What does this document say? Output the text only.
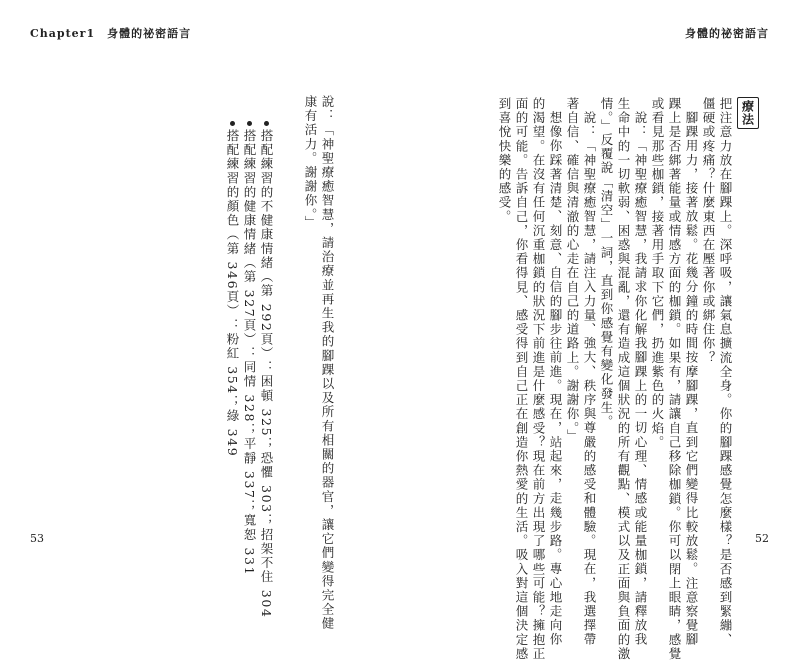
Chapter1　身體的祕密語言
53	說：「神聖療癒智慧，請治療並再生我的腳踝以及所有相關的器官，讓它們變得完全健
康有活力。謝謝你。」
搭配練習的不健康情緒（第 292頁）：困頓 325；恐懼 303；招架不住 304
搭配練習的健康情緒（第 327頁）：同情 328；平靜 337；寬恕 331
搭配練習的顏色（第 346頁）：粉紅 354；綠 349
身體的祕密語言
52
療法
把注意力放在腳踝上。深呼吸，讓氣息擴流全身。你的腳踝感覺怎麼樣？是否感到緊繃、
僵硬或疼痛？什麼東西在壓著你或綁住你？
腳踝用力，接著放鬆。花幾分鐘的時間按摩腳踝，直到它們變得比較放鬆。注意察覺腳
踝上是否綁著能量或情感方面的枷鎖。如果有，請讓自己移除枷鎖。你可以閉上眼睛，感覺
或看見那些枷鎖，接著用手取下它們，扔進紫色的火焰。
說：「神聖療癒智慧，我請求你化解我腳踝上的一切心理、情感或能量枷鎖，請釋放我
生命中的一切軟弱、困惑與混亂，還有造成這個狀況的所有觀點、模式以及正面與負面的激
情。」反覆說「清空」一詞，直到你感覺有變化發生。
說：「神聖療癒智慧，請注入力量、強大、秩序與尊嚴的感受和體驗。現在，我選擇帶
著自信、確信與清澈的心走在自己的道路上。謝謝你。」
想像你踩著清楚、刻意、自信的腳步往前進。現在，站起來，走幾步路。專心地走向你
的渴望。在沒有任何沉重枷鎖的狀況下前進是什麼感受？現在前方出現了哪些可能？擁抱正
面的可能。告訴自己，你看得見、感受得到自己正在創造你熱愛的生活。吸入對這個決定感
到喜悅快樂的感受。
